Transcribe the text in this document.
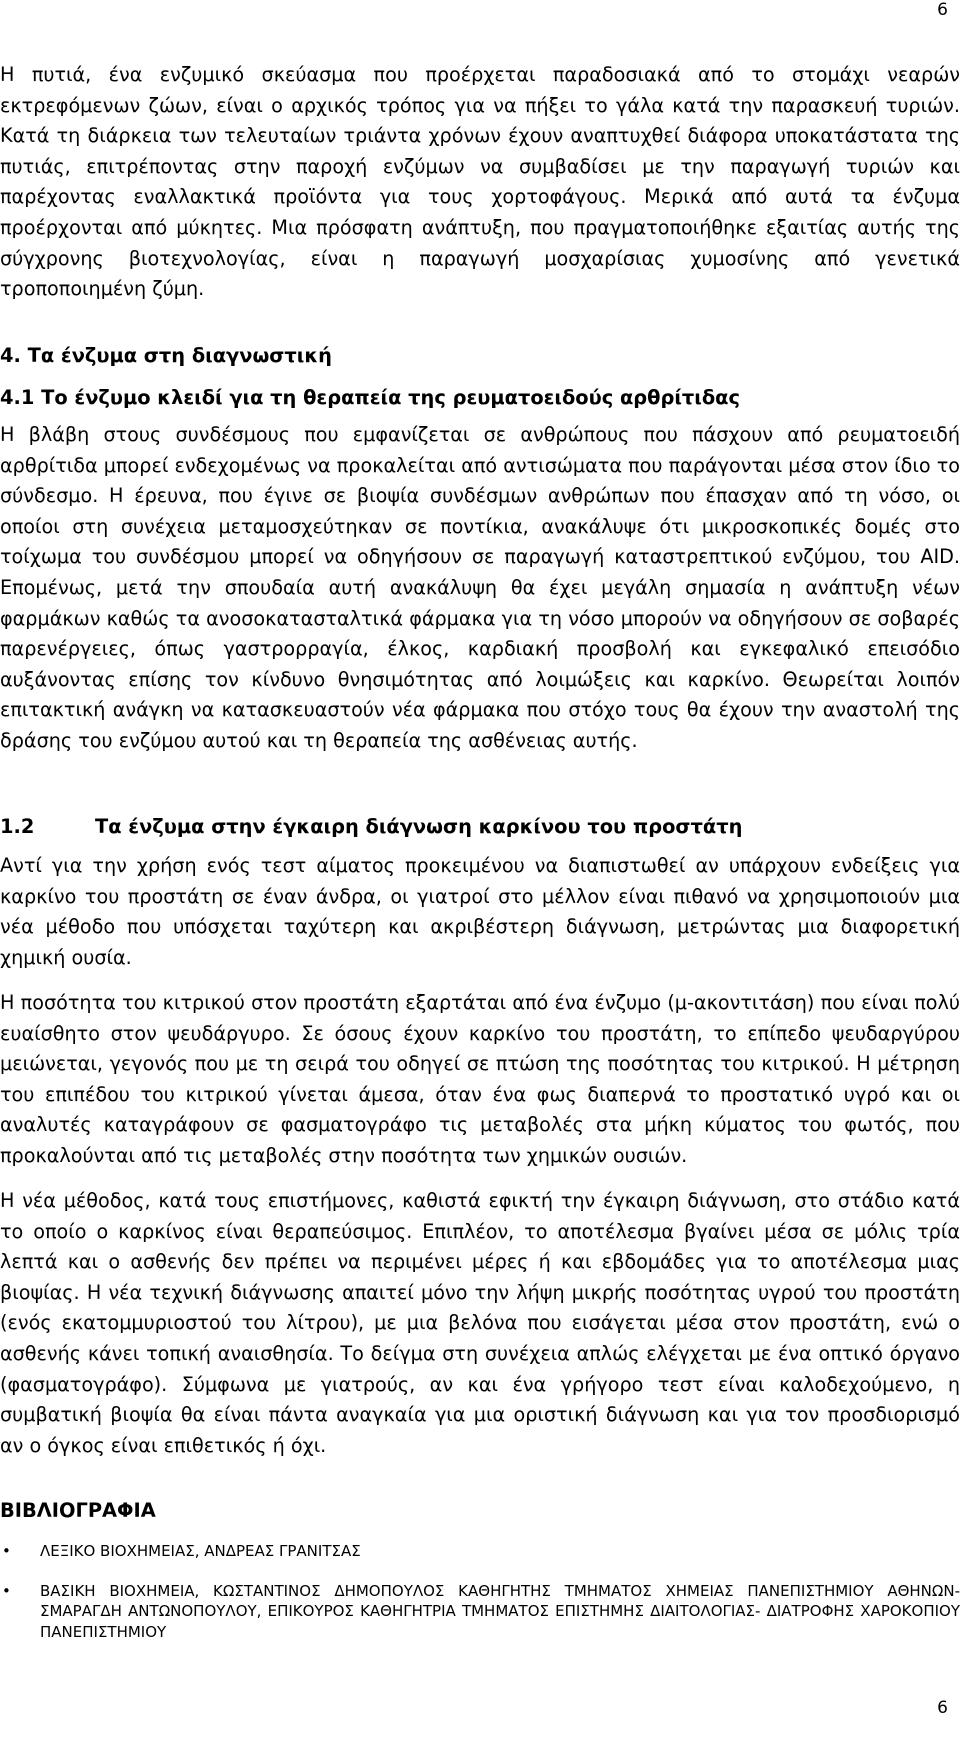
6

Η πυτιά, ένα ενζυμικό σκεύασμα που προέρχεται παραδοσιακά από το στομάχι νεαρών εκτρεφόμενων ζώων, είναι ο αρχικός τρόπος για να πήξει το γάλα κατά την παρασκευή τυριών. Κατά τη διάρκεια των τελευταίων τριάντα χρόνων έχουν αναπτυχθεί διάφορα υποκατάστατα της πυτιάς, επιτρέποντας στην παροχή ενζύμων να συμβαδίσει με την παραγωγή τυριών και παρέχοντας εναλλακτικά προϊόντα για τους χορτοφάγους. Μερικά από αυτά τα ένζυμα προέρχονται από μύκητες. Μια πρόσφατη ανάπτυξη, που πραγματοποιήθηκε εξαιτίας αυτής της σύγχρονης βιοτεχνολογίας, είναι η παραγωγή μοσχαρίσιας χυμοσίνης από γενετικά τροποποιημένη ζύμη.

4. Τα ένζυμα στη διαγνωστική

4.1 Το ένζυμο κλειδί για τη θεραπεία της ρευματοειδούς αρθρίτιδας

Η βλάβη στους συνδέσμους που εμφανίζεται σε ανθρώπους που πάσχουν από ρευματοειδή αρθρίτιδα μπορεί ενδεχομένως να προκαλείται από αντισώματα που παράγονται μέσα στον ίδιο το σύνδεσμο. Η έρευνα, που έγινε σε βιοψία συνδέσμων ανθρώπων που έπασχαν από τη νόσο, οι οποίοι στη συνέχεια μεταμοσχεύτηκαν σε ποντίκια, ανακάλυψε ότι μικροσκοπικές δομές στο τοίχωμα του συνδέσμου μπορεί να οδηγήσουν σε παραγωγή καταστρεπτικού ενζύμου, του AID. Επομένως, μετά την σπουδαία αυτή ανακάλυψη θα έχει μεγάλη σημασία η ανάπτυξη νέων φαρμάκων καθώς τα ανοσοκατασταλτικά φάρμακα για τη νόσο μπορούν να οδηγήσουν σε σοβαρές παρενέργειες, όπως γαστρορραγία, έλκος, καρδιακή προσβολή και εγκεφαλικό επεισόδιο αυξάνοντας επίσης τον κίνδυνο θνησιμότητας από λοιμώξεις και καρκίνο. Θεωρείται λοιπόν επιτακτική ανάγκη να κατασκευαστούν νέα φάρμακα που στόχο τους θα έχουν την αναστολή της δράσης του ενζύμου αυτού και τη θεραπεία της ασθένειας αυτής.

1.2	Τα ένζυμα στην έγκαιρη διάγνωση καρκίνου του προστάτη

Αντί για την χρήση ενός τεστ αίματος προκειμένου να διαπιστωθεί αν υπάρχουν ενδείξεις για καρκίνο του προστάτη σε έναν άνδρα, οι γιατροί στο μέλλον είναι πιθανό να χρησιμοποιούν μια νέα μέθοδο που υπόσχεται ταχύτερη και ακριβέστερη διάγνωση, μετρώντας μια διαφορετική χημική ουσία.

Η ποσότητα του κιτρικού στον προστάτη εξαρτάται από ένα ένζυμο (μ-ακοντιτάση) που είναι πολύ ευαίσθητο στον ψευδάργυρο. Σε όσους έχουν καρκίνο του προστάτη, το επίπεδο ψευδαργύρου μειώνεται, γεγονός που με τη σειρά του οδηγεί σε πτώση της ποσότητας του κιτρικού. Η μέτρηση του επιπέδου του κιτρικού γίνεται άμεσα, όταν ένα φως διαπερνά το προστατικό υγρό και οι αναλυτές καταγράφουν σε φασματογράφο τις μεταβολές στα μήκη κύματος του φωτός, που προκαλούνται από τις μεταβολές στην ποσότητα των χημικών ουσιών.

Η νέα μέθοδος, κατά τους επιστήμονες, καθιστά εφικτή την έγκαιρη διάγνωση, στο στάδιο κατά το οποίο ο καρκίνος είναι θεραπεύσιμος. Επιπλέον, το αποτέλεσμα βγαίνει μέσα σε μόλις τρία λεπτά και ο ασθενής δεν πρέπει να περιμένει μέρες ή και εβδομάδες για το αποτέλεσμα μιας βιοψίας. Η νέα τεχνική διάγνωσης απαιτεί μόνο την λήψη μικρής ποσότητας υγρού του προστάτη (ενός εκατομμυριοστού του λίτρου), με μια βελόνα που εισάγεται μέσα στον προστάτη, ενώ ο ασθενής κάνει τοπική αναισθησία. Το δείγμα στη συνέχεια απλώς ελέγχεται με ένα οπτικό όργανο (φασματογράφο). Σύμφωνα με γιατρούς, αν και ένα γρήγορο τεστ είναι καλοδεχούμενο, η συμβατική βιοψία θα είναι πάντα αναγκαία για μια οριστική διάγνωση και για τον προσδιορισμό αν ο όγκος είναι επιθετικός ή όχι.

ΒΙΒΛΙΟΓΡΑΦΙΑ

• ΛΕΞΙΚΟ ΒΙΟΧΗΜΕΙΑΣ, ΑΝΔΡΕΑΣ ΓΡΑΝΙΤΣΑΣ
• ΒΑΣΙΚΗ ΒΙΟΧΗΜΕΙΑ, ΚΩΣΤΑΝΤΙΝΟΣ ΔΗΜΟΠΟΥΛΟΣ ΚΑΘΗΓΗΤΗΣ ΤΜΗΜΑΤΟΣ ΧΗΜΕΙΑΣ ΠΑΝΕΠΙΣΤΗΜΙΟΥ ΑΘΗΝΩΝ- ΣΜΑΡΑΓΔΗ ΑΝΤΩΝΟΠΟΥΛΟΥ, ΕΠΙΚΟΥΡΟΣ ΚΑΘΗΓΗΤΡΙΑ ΤΜΗΜΑΤΟΣ ΕΠΙΣΤΗΜΗΣ ΔΙΑΙΤΟΛΟΓΙΑΣ- ΔΙΑΤΡΟΦΗΣ ΧΑΡΟΚΟΠΙΟΥ ΠΑΝΕΠΙΣΤΗΜΙΟΥ
6
